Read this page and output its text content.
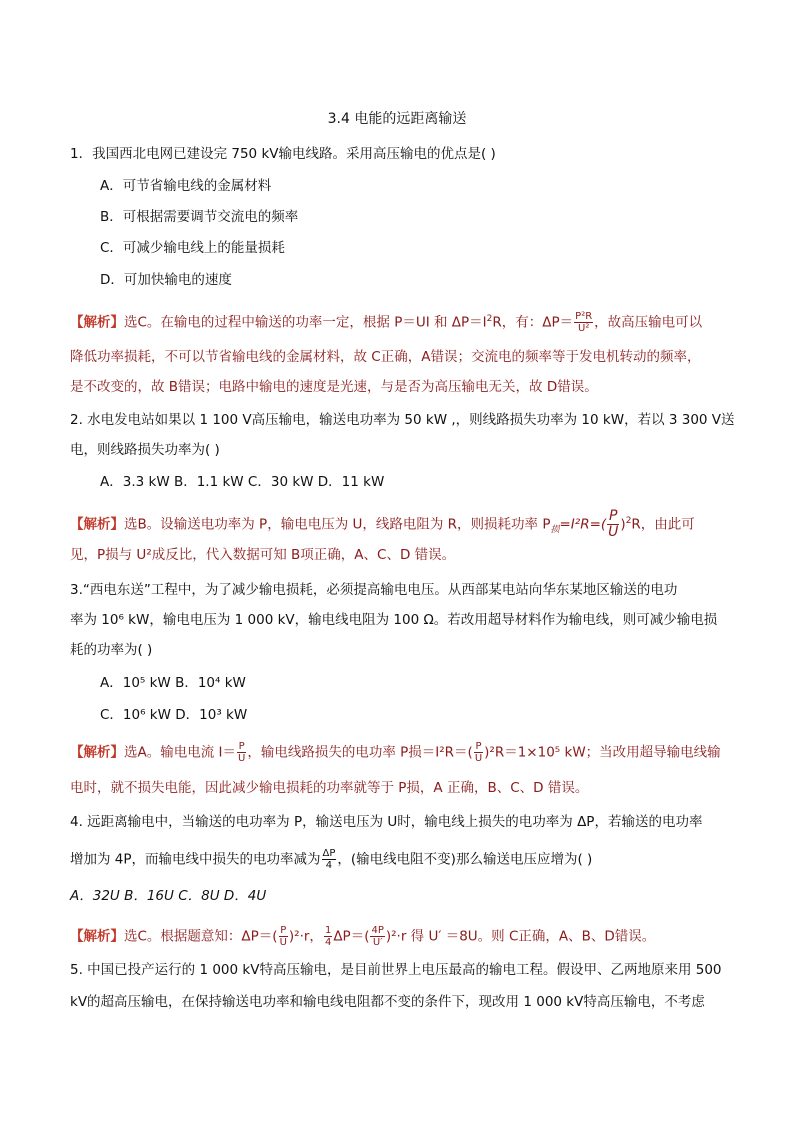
3.4 电能的远距离输送
1．我国西北电网已建设完 750 kV输电线路。采用高压输电的优点是( )
A．可节省输电线的金属材料
B．可根据需要调节交流电的频率
C．可减少输电线上的能量损耗
D．可加快输电的速度
【解析】选C。在输电的过程中输送的功率一定，根据 P＝UI 和 $\Delta P=I^2R$，有：$\Delta P= \frac{\text{P²R}}{\text{U²}}$ ，故高压输电可以
降低功率损耗，不可以节省输电线的金属材料，故 C正确，A错误；交流电的频率等于发电机转动的频率，
是不改变的，故 B错误；电路中输电的速度是光速，与是否为高压输电无关，故 D错误。
2. 水电发电站如果以 1 100 V高压输电，输送电功率为 50 kW ,，则线路损失功率为 10 kW，若以 3 300 V送
电，则线路损失功率为( )
A．3.3 kW B．1.1 kW C．30 kW D．11 kW
【解析】选B。设输送电功率为 P，输电电压为 U，线路电阻为 R，则损耗功率 $P_损=I^2R=( \frac{P}{U} )^2R$，由此可
见，P损与 U²成反比，代入数据可知 B项正确，A、C、D 错误。
3.“西电东送”工程中，为了减少输电损耗，必须提高输电电压。从西部某电站向华东某地区输送的电功
率为 10⁶ kW，输电电压为 1 000 kV，输电线电阻为 100 Ω。若改用超导材料作为输电线，则可减少输电损
耗的功率为( )
A．10⁵ kW B．10⁴ kW
C．10⁶ kW D．10³ kW
【解析】选A。输电电流 $I= \frac{P}{U}$ ，输电线路损失的电功率 P损$=I^2R=( \frac{P}{U} )^2R=1\times 10^5$ kW；当改用超导输电线输
电时，就不损失电能，因此减少输电损耗的功率就等于 P损，A 正确，B、C、D 错误。
4. 远距离输电中，当输送的电功率为 P，输送电压为 U时，输电线上损失的电功率为 ΔP，若输送的电功率
增加为 4P，而输电线中损失的电功率减为 $\frac{\Delta P}{4}$ ，(输电线电阻不变)那么输送电压应增为( )
A．32U B．16U C．8U D．4U
【解析】选C。根据题意知：$\Delta P=( \frac{P}{U} )^2\cdot r$， $\frac{1}{4} \Delta P=( \frac{4P}{U'} )^2\cdot r$ 得 U′ ＝8U。则 C正确，A、B、D错误。
5. 中国已投产运行的 1 000 kV特高压输电，是目前世界上电压最高的输电工程。假设甲、乙两地原来用 500
kV的超高压输电，在保持输送电功率和输电线电阻都不变的条件下，现改用 1 000 kV特高压输电，不考虑
